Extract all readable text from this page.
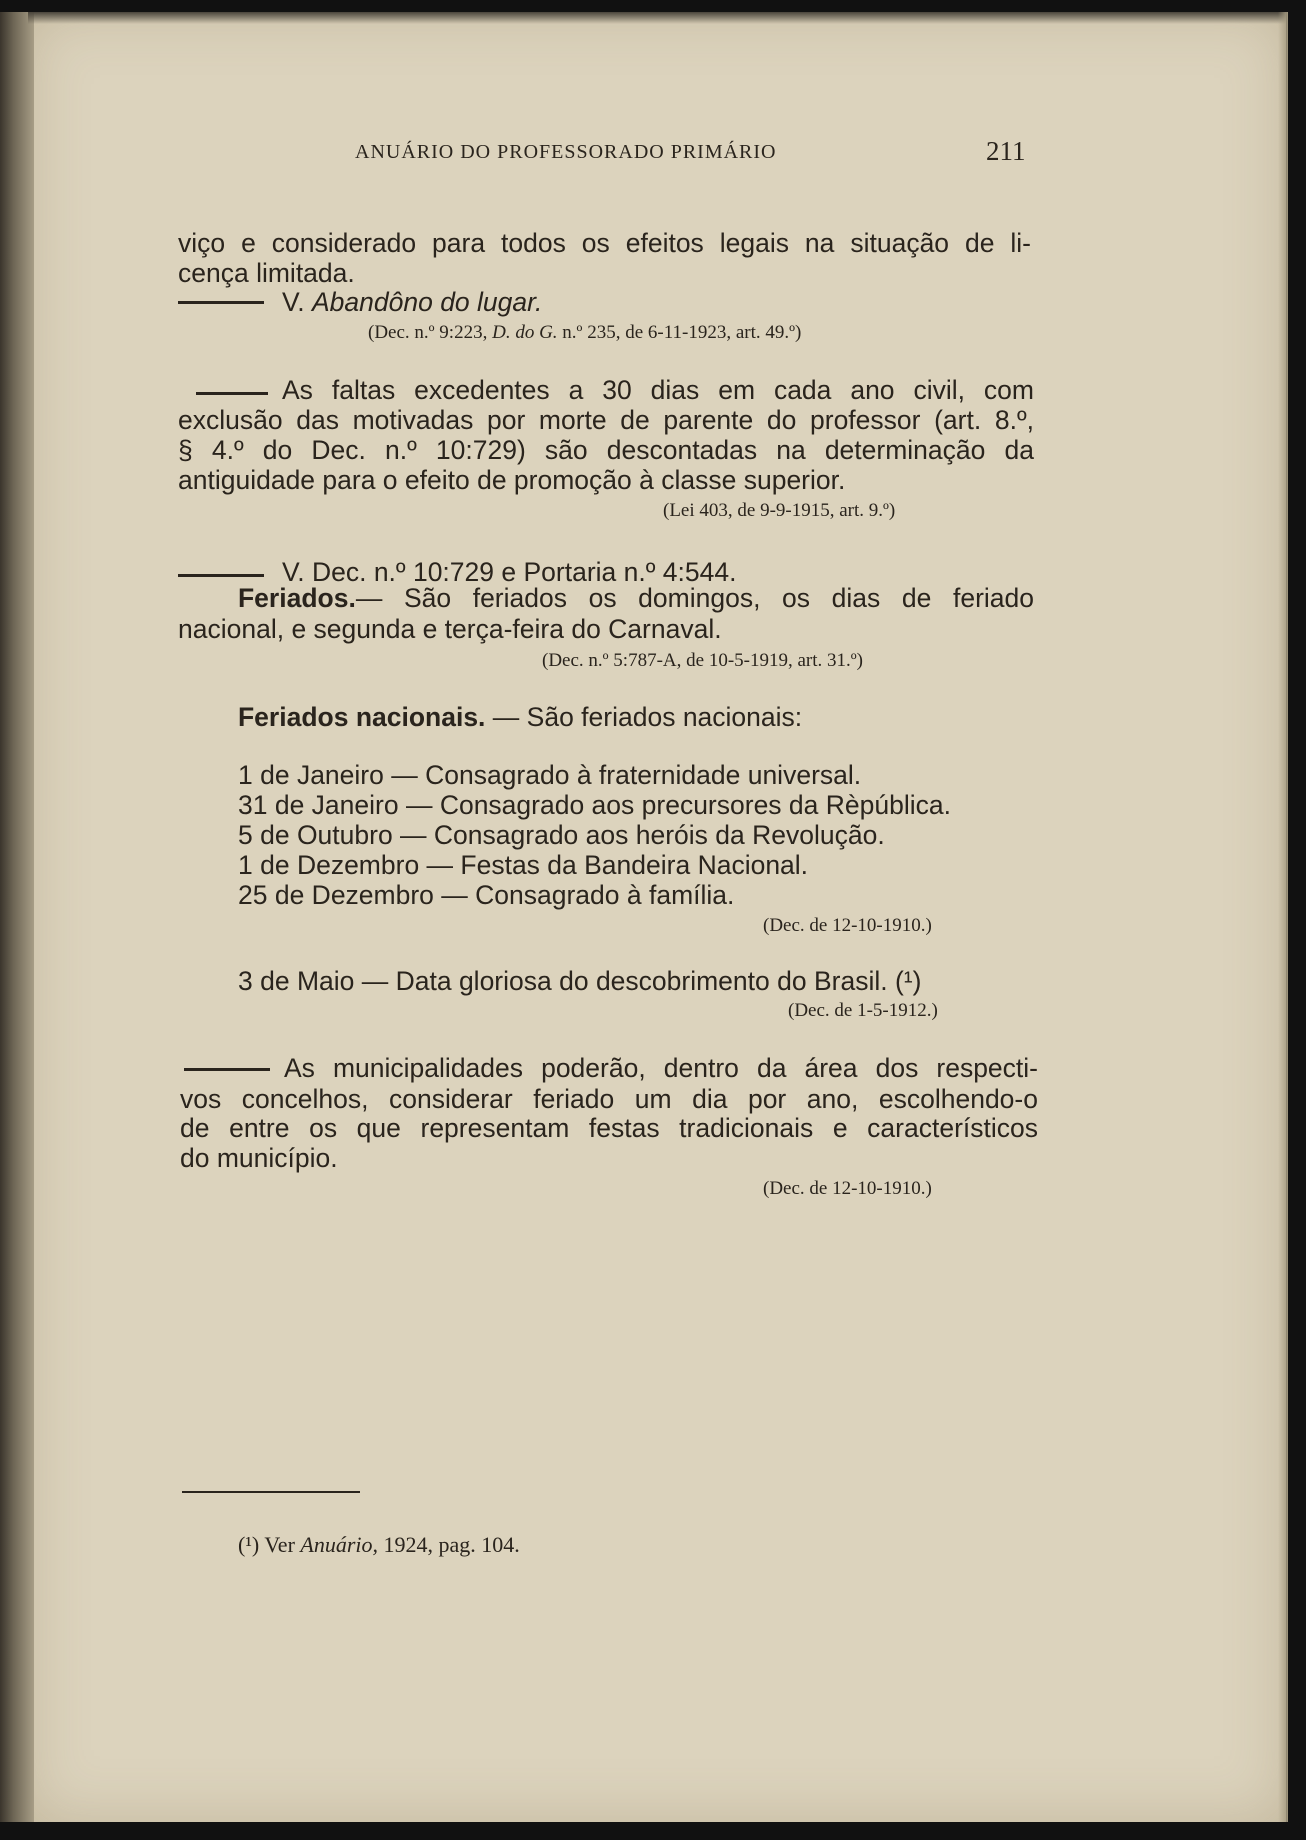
ANUÁRIO DO PROFESSORADO PRIMÁRIO	211
viço e considerado para todos os efeitos legais na situação de li-
cença limitada.
V. Abandôno do lugar.
(Dec. n.º 9:223, D. do G. n.º 235, de 6-11-1923, art. 49.º)
As faltas excedentes a 30 dias em cada ano civil, com
exclusão das motivadas por morte de parente do professor (art. 8.º,
§ 4.º do Dec. n.º 10:729) são descontadas na determinação da
antiguidade para o efeito de promoção à classe superior.
(Lei 403, de 9-9-1915, art. 9.º)
V. Dec. n.º 10:729 e Portaria n.º 4:544.
Feriados.— São feriados os domingos, os dias de feriado
nacional, e segunda e terça-feira do Carnaval.
(Dec. n.º 5:787-A, de 10-5-1919, art. 31.º)
Feriados nacionais. — São feriados nacionais:
1 de Janeiro — Consagrado à fraternidade universal.
31 de Janeiro — Consagrado aos precursores da Rèpública.
5 de Outubro — Consagrado aos heróis da Revolução.
1 de Dezembro — Festas da Bandeira Nacional.
25 de Dezembro — Consagrado à família.
(Dec. de 12-10-1910.)
3 de Maio — Data gloriosa do descobrimento do Brasil. (¹)
(Dec. de 1-5-1912.)
As municipalidades poderão, dentro da área dos respecti-
vos concelhos, considerar feriado um dia por ano, escolhendo-o
de entre os que representam festas tradicionais e característicos
do município.
(Dec. de 12-10-1910.)
(¹) Ver Anuário, 1924, pag. 104.
